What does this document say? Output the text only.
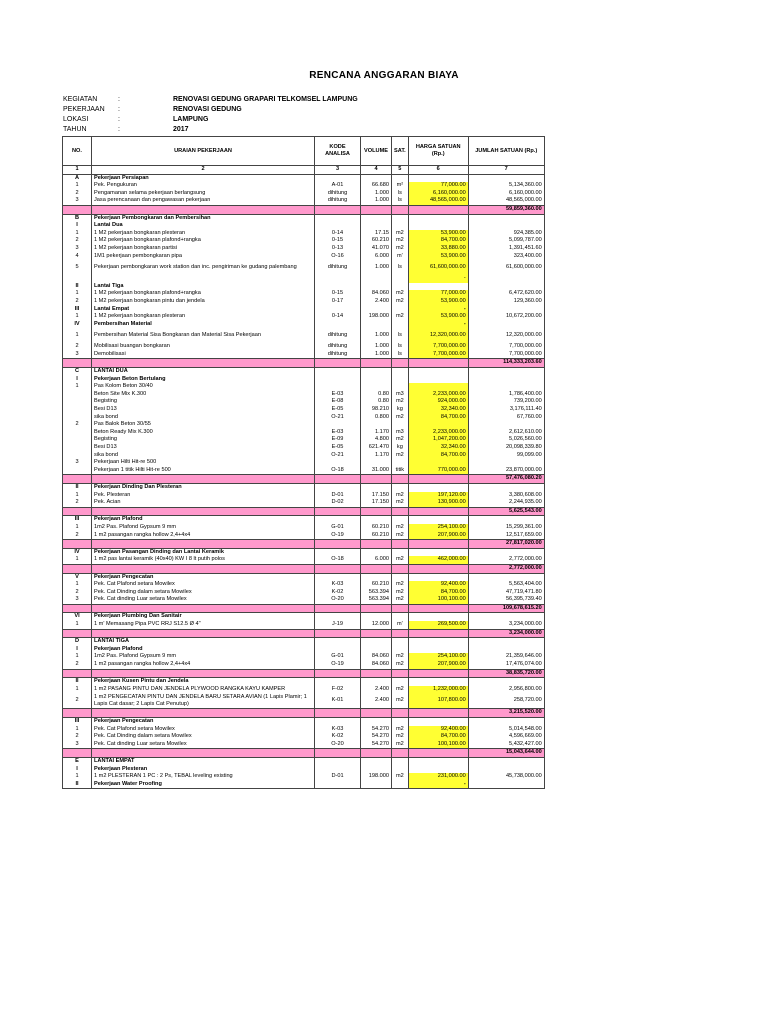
RENCANA ANGGARAN BIAYA
KEGIATAN	:	RENOVASI GEDUNG GRAPARI TELKOMSEL LAMPUNG
PEKERJAAN :	RENOVASI GEDUNG
LOKASI	:	LAMPUNG
TAHUN	:	2017
NO.	URAIAN PEKERJAAN	KODE ANALISA	VOLUME	SAT.	HARGA SATUAN (Rp.)	JUMLAH SATUAN (Rp.)
1	2	3	4	5	6	7
A	Pekerjaan Persiapan					
1	Pek. Pengukuran	A-01	66.680	m²	77,000.00	5,134,360.00
2	Pengamanan selama pekerjaan berlangsung	dihitung	1.000	ls	6,160,000.00	6,160,000.00
3	Jasa perencanaan dan pengawasan pekerjaan	dihitung	1.000	ls	48,565,000.00	48,565,000.00
						59,859,360.00
B	Pekerjaan Pembongkaran dan Pembersihan					
I	Lantai Dua					
1	1 M2 pekerjaan bongkaran plesteran	0-14	17.15	m2	53,900.00	924,385.00
2	1 M2 pekerjaan bongkaran plafond+rangka	0-15	60.210	m2	84,700.00	5,099,787.00
3	1 M2 pekerjaan bongkaran partisi	0-13	41.070	m2	33,880.00	1,391,451.60
4	1M1 pekerjaan pembongkaran pipa	O-16	6.000	m'	53,900.00	323,400.00
5	Pekerjaan pembongkaran work station dan inc. pengiriman ke gudang palembang	dihitung	1.000	ls	61,600,000.00	61,600,000.00
					-	
II	Lantai Tiga					
1	1 M2 pekerjaan bongkaran plafond+rangka	0-15	84.060	m2	77,000.00	6,472,620.00
2	1 M2 pekerjaan bongkaran pintu dan jendela	0-17	2.400	m2	53,900.00	129,360.00
III	Lantai Empat				-	
1	1 M2 pekerjaan bongkaran plesteran	0-14	198.000	m2	53,900.00	10,672,200.00
IV	Pembersihan Material				-	
1	Pembersihan Material Sisa Bongkaran dan Material Sisa Pekerjaan	dihitung	1.000	ls	12,320,000.00	12,320,000.00
2	Mobilisasi buangan bongkaran	dihitung	1.000	ls	7,700,000.00	7,700,000.00
3	Demobilisasi	dihitung	1.000	ls	7,700,000.00	7,700,000.00
						114,333,203.60
C	LANTAI DUA					
I	Pekerjaan Beton Bertulang					
1	Pas Kolom Beton 30/40					
	Beton Site Mix K.300	E-03	0.80	m3	2,233,000.00	1,786,400.00
	Begisting	E-08	0.80	m2	924,000.00	739,200.00
	Besi D13	E-05	98.210	kg	32,340.00	3,176,111.40
	sika bond	O-21	0.800	m2	84,700.00	67,760.00
2	Pas Balok Beton 30/55					
	Beton Ready Mix K.300	E-03	1.170	m3	2,233,000.00	2,612,610.00
	Begisting	E-09	4.800	m2	1,047,200.00	5,026,560.00
	Besi D13	E-05	621.470	kg	32,340.00	20,098,339.80
	sika bond	O-21	1.170	m2	84,700.00	99,099.00
3	Pekerjaan Hilti Hit-re 500					
	Pekerjaan 1 titik Hilti Hit-re 500	O-18	31.000	titik	770,000.00	23,870,000.00
						57,476,080.20
II	Pekerjaan Dinding Dan Plesteran					
1	Pek. Plesteran	D-01	17.150	m2	197,120.00	3,380,608.00
2	Pek. Acian	D-02	17.150	m2	130,900.00	2,244,935.00
						5,625,543.00
III	Pekerjaan Plafond					
1	1m2 Pas. Plafond Gypsum 9 mm	G-01	60.210	m2	254,100.00	15,299,361.00
2	1 m2 pasangan rangka hollow 2,4+4x4	O-19	60.210	m2	207,900.00	12,517,659.00
						27,817,020.00
IV	Pekerjaan Pasangan Dinding dan Lantai Keramik					
1	1 m2 pas lantai keramik (40x40) KW I 8 lt putih polos	O-18	6.000	m2	462,000.00	2,772,000.00
						2,772,000.00
V	Pekerjaan Pengecatan					
1	Pek. Cat Plafond setara Mowilex	K-03	60.210	m2	92,400.00	5,563,404.00
2	Pek. Cat Dinding dalam setara Mowilex	K-02	563.394	m2	84,700.00	47,719,471.80
3	Pek. Cat dinding Luar setara Mowilex	O-20	563.394	m2	100,100.00	56,395,739.40
						109,678,615.20
VI	Pekerjaan Plumbing Dan Sanitair					
1	1 m' Memasang Pipa PVC RRJ S12.5 Ø 4"	J-19	12.000	m'	269,500.00	3,234,000.00
						3,234,000.00
D	LANTAI TIGA					
I	Pekerjaan Plafond					
1	1m2 Pas. Plafond Gypsum 9 mm	G-01	84.060	m2	254,100.00	21,359,646.00
2	1 m2 pasangan rangka hollow 2,4+4x4	O-19	84.060	m2	207,900.00	17,476,074.00
						38,835,720.00
II	Pekerjaan Kusen Pintu dan Jendela					
1	1 m2 PASANG PINTU DAN JENDELA PLYWOOD RANGKA KAYU KAMPER	F-02	2.400	m2	1,232,000.00	2,956,800.00
2	1 m2 PENGECATAN PINTU DAN JENDELA BARU SETARA AVIAN (1 Lapis Plamir; 1 Lapis Cat dasar; 2 Lapis Cat Penutup)	K-01	2.400	m2	107,800.00	258,720.00
						3,215,520.00
III	Pekerjaan Pengecatan					
1	Pek. Cat Plafond setara Mowilex	K-03	54.270	m2	92,400.00	5,014,548.00
2	Pek. Cat Dinding dalam setara Mowilex	K-02	54.270	m2	84,700.00	4,596,669.00
3	Pek. Cat dinding Luar setara Mowilex	O-20	54.270	m2	100,100.00	5,432,427.00
						15,043,644.00
E	LANTAI EMPAT					
I	Pekerjaan Plesteran					
1	1 m2 PLESTERAN 1 PC : 2 Ps, TEBAL leveling existing	D-01	198.000	m2	231,000.00	45,738,000.00
II	Pekerjaan Water Proofing				-	
